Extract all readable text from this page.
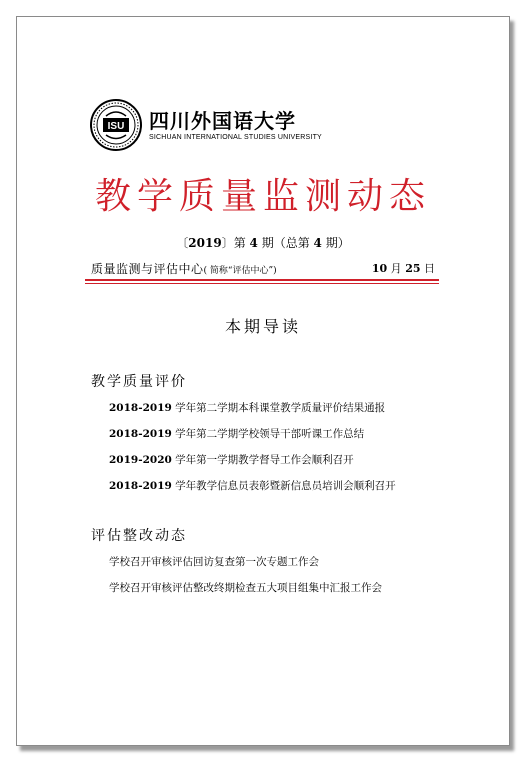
ISU 四川外国语大学
SICHUAN INTERNATIONAL STUDIES UNIVERSITY
教学质量监测动态
〔2019〕第 4 期（总第 4 期）
质量监测与评估中心( 简称“评估中心”)	10 月 25 日
本期导读
教学质量评价
2018-2019 学年第二学期本科课堂教学质量评价结果通报
2018-2019 学年第二学期学校领导干部听课工作总结
2019-2020 学年第一学期教学督导工作会顺利召开
2018-2019 学年教学信息员表彰暨新信息员培训会顺利召开
评估整改动态
学校召开审核评估回访复查第一次专题工作会
学校召开审核评估整改终期检查五大项目组集中汇报工作会
